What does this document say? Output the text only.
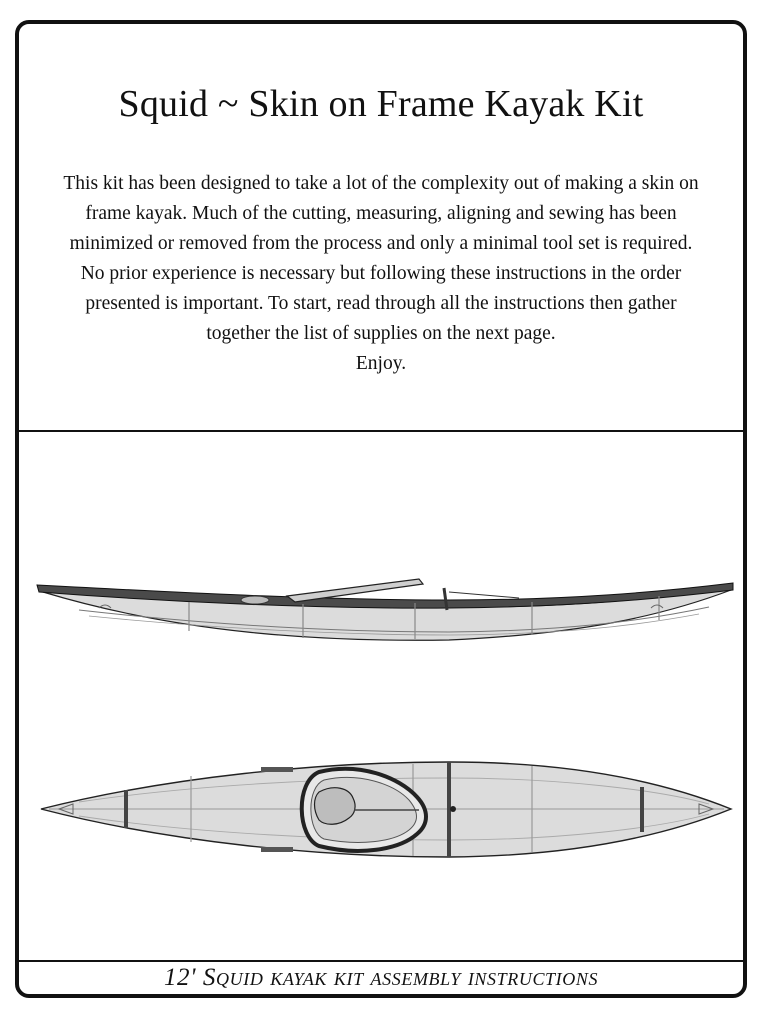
Squid ~ Skin on Frame Kayak Kit

This kit has been designed to take a lot of the complexity out of making a skin on
frame kayak. Much of the cutting, measuring, aligning and sewing has been
minimized or removed from the process and only a minimal tool set is required.
No prior experience is necessary but following these instructions in the order
presented is important. To start, read through all the instructions then gather
together the list of supplies on the next page.
Enjoy.

12' Squid kayak kit assembly instructions
